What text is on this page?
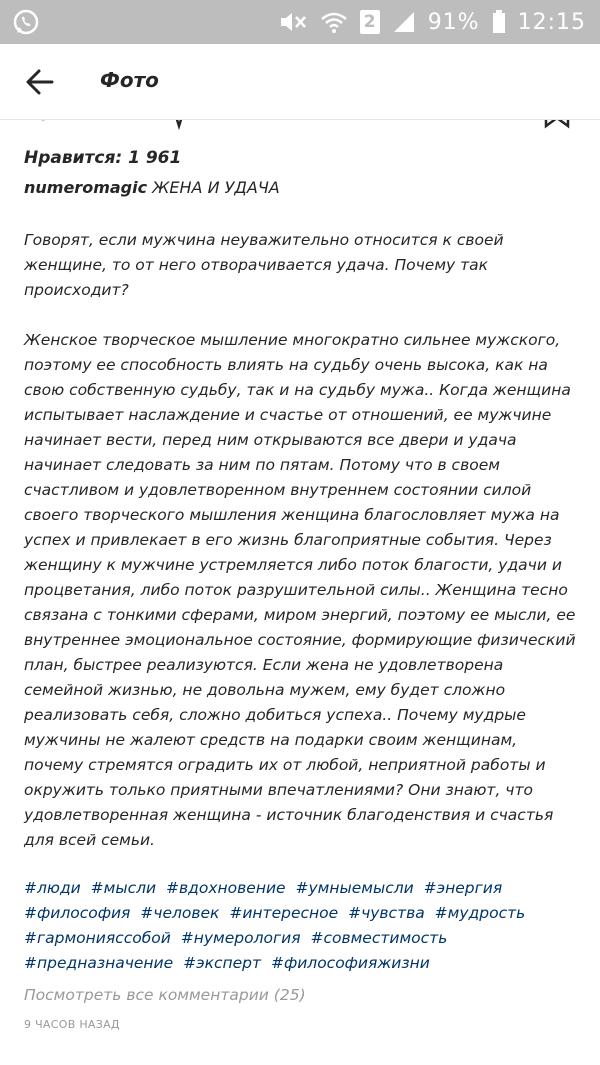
2 91% 12:15
Фото
Нравится: 1 961
numeromagic ЖЕНА И УДАЧА

Говорят, если мужчина неуважительно относится к своей женщине, то от него отворачивается удача. Почему так происходит?

Женское творческое мышление многократно сильнее мужского, поэтому ее способность влиять на судьбу очень высока, как на свою собственную судьбу, так и на судьбу мужа.. Когда женщина испытывает наслаждение и счастье от отношений, ее мужчине начинает вести, перед ним открываются все двери и удача начинает следовать за ним по пятам. Потому что в своем счастливом и удовлетворенном внутреннем состоянии силой своего творческого мышления женщина благословляет мужа на успех и привлекает в его жизнь благоприятные события. Через женщину к мужчине устремляется либо поток благости, удачи и процветания, либо поток разрушительной силы.. Женщина тесно связана с тонкими сферами, миром энергий, поэтому ее мысли, ее внутреннее эмоциональное состояние, формирующие физический план, быстрее реализуются. Если жена не удовлетворена семейной жизнью, не довольна мужем, ему будет сложно реализовать себя, сложно добиться успеха.. Почему мудрые мужчины не жалеют средств на подарки своим женщинам, почему стремятся оградить их от любой, неприятной работы и окружить только приятными впечатлениями? Они знают, что удовлетворенная женщина - источник благоденствия и счастья для всей семьи.

#люди #мысли #вдохновение #умныемысли #энергия #философия #человек #интересное #чувства #мудрость #гармонияссобой #нумерология #совместимость #предназначение #эксперт #философияжизни
Посмотреть все комментарии (25)
9 ЧАСОВ НАЗАД
